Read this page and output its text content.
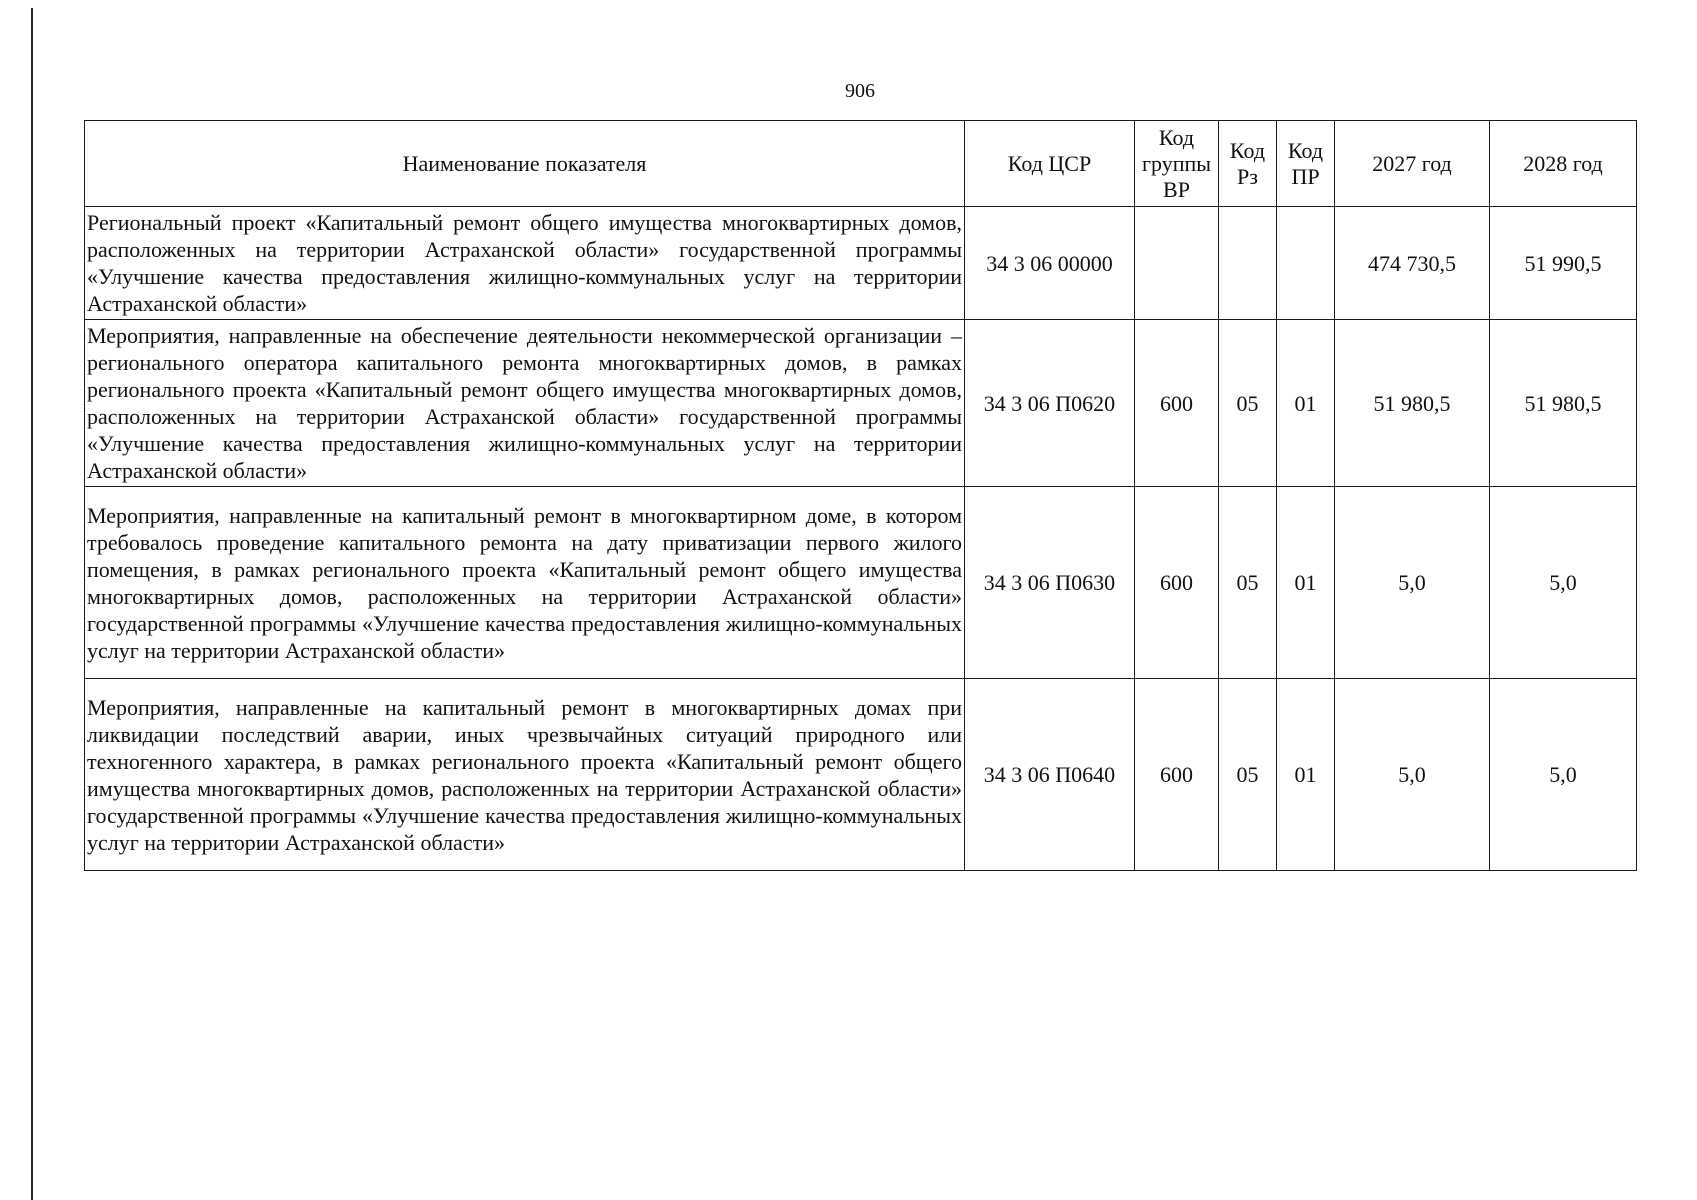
906
Наименование показателя	Код ЦСР	Код группы ВР	Код Рз	Код ПР	2027 год	2028 год
Региональный проект «Капитальный ремонт общего имущества многоквартирных домов, расположенных на территории Астраханской области» государственной программы «Улучшение качества предоставления жилищно-коммунальных услуг на территории Астраханской области»	34 3 06 00000				474 730,5	51 990,5
Мероприятия, направленные на обеспечение деятельности некоммерческой организации – регионального оператора капитального ремонта многоквартирных домов, в рамках регионального проекта «Капитальный ремонт общего имущества многоквартирных домов, расположенных на территории Астраханской области» государственной программы «Улучшение качества предоставления жилищно-коммунальных услуг на территории Астраханской области»	34 3 06 П0620	600	05	01	51 980,5	51 980,5
Мероприятия, направленные на капитальный ремонт в многоквартирном доме, в котором требовалось проведение капитального ремонта на дату приватизации первого жилого помещения, в рамках регионального проекта «Капитальный ремонт общего имущества многоквартирных домов, расположенных на территории Астраханской области» государственной программы «Улучшение качества предоставления жилищно-коммунальных услуг на территории Астраханской области»	34 3 06 П0630	600	05	01	5,0	5,0
Мероприятия, направленные на капитальный ремонт в многоквартирных домах при ликвидации последствий аварии, иных чрезвычайных ситуаций природного или техногенного характера, в рамках регионального проекта «Капитальный ремонт общего имущества многоквартирных домов, расположенных на территории Астраханской области» государственной программы «Улучшение качества предоставления жилищно-коммунальных услуг на территории Астраханской области»	34 3 06 П0640	600	05	01	5,0	5,0
